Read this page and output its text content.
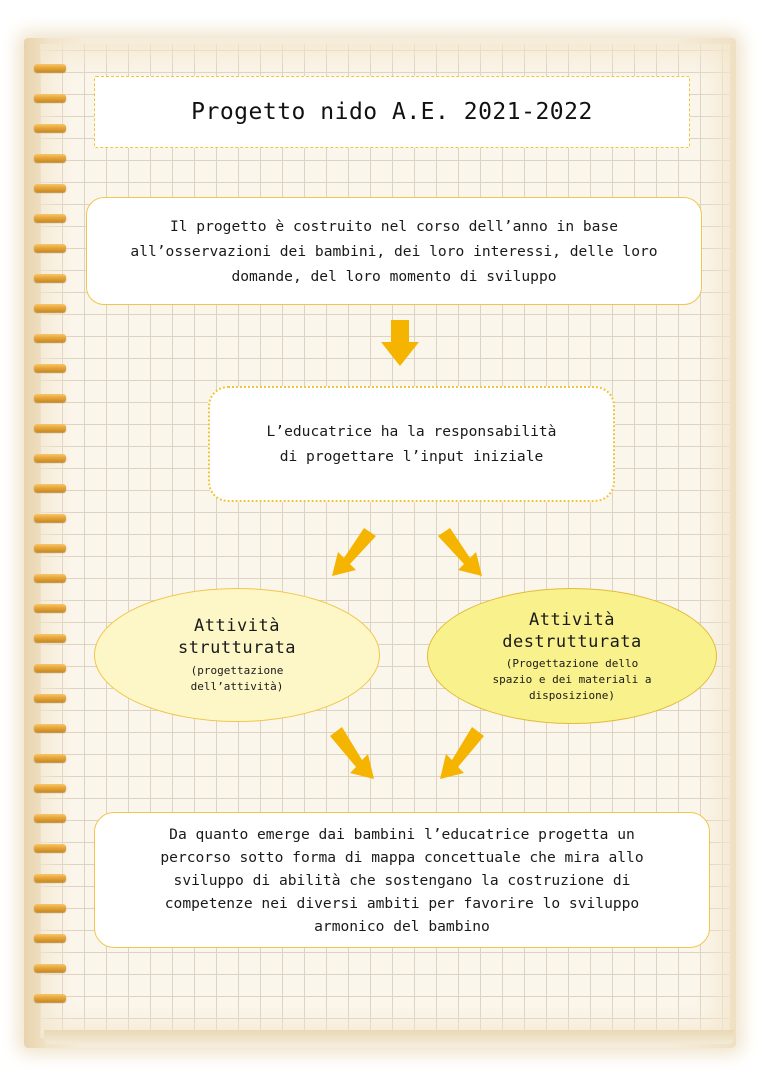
Progetto nido A.E. 2021-2022
Il progetto è costruito nel corso dell’anno in base
all’osservazioni dei bambini, dei loro interessi, delle loro
domande, del loro momento di sviluppo
L’educatrice ha la responsabilità
di progettare l’input iniziale
Attività
strutturata
(progettazione
dell’attività)
Attività
destrutturata
(Progettazione dello
spazio e dei materiali a
disposizione)
Da quanto emerge dai bambini l’educatrice progetta un
percorso sotto forma di mappa concettuale che mira allo
sviluppo di abilità che sostengano la costruzione di
competenze nei diversi ambiti per favorire lo sviluppo
armonico del bambino
